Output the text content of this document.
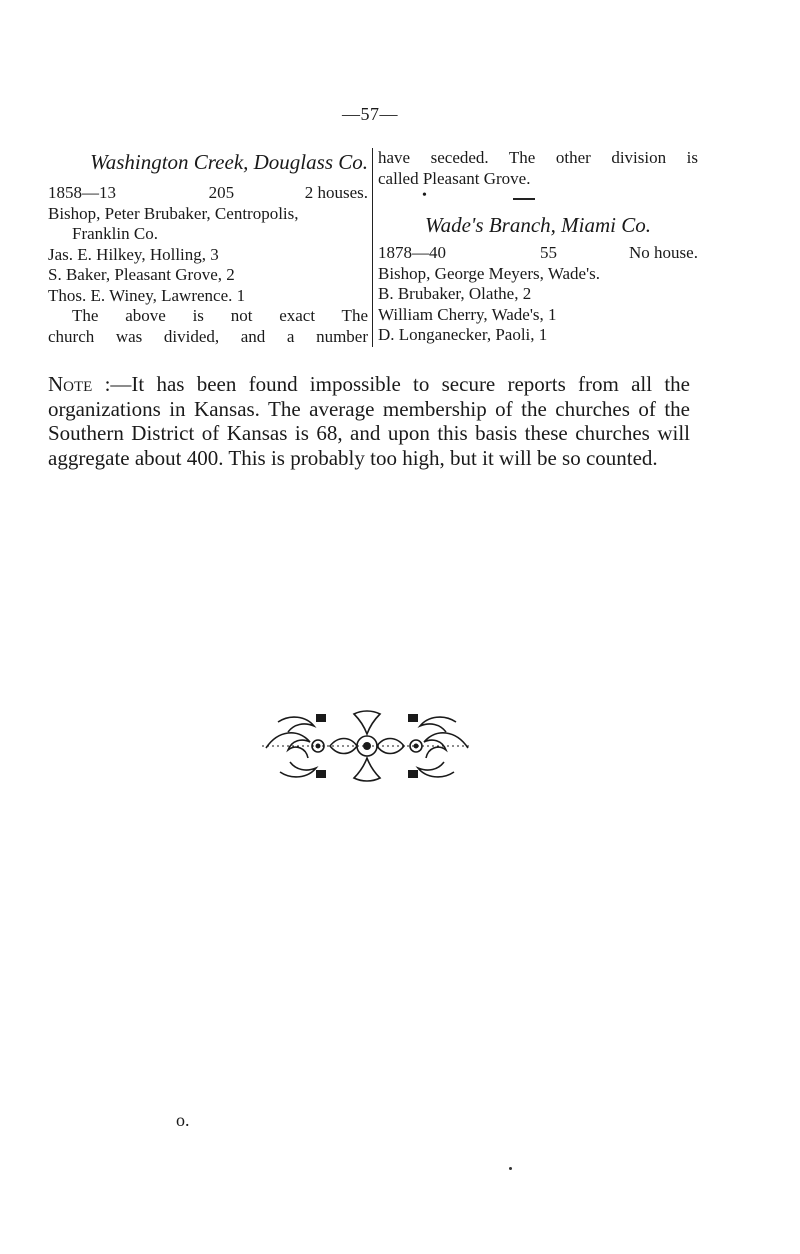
—57—
Washington Creek, Douglass Co.
1858—13	205	2 houses.
Bishop, Peter Brubaker, Centropolis,
Franklin Co.
Jas. E. Hilkey, Holling, 3
S. Baker, Pleasant Grove, 2
Thos. E. Winey, Lawrence. 1
The above is not exact The
church was divided, and a number
have seceded. The other division is
called Pleasant Grove.
•
Wade's Branch, Miami Co.
1878—40	55	No house.
Bishop, George Meyers, Wade's.
B. Brubaker, Olathe, 2
William Cherry, Wade's, 1
D. Longanecker, Paoli, 1
Note :—It has been found impossible to secure reports from all the organizations in Kansas. The average membership of the churches of the Southern District of Kansas is 68, and upon this basis these churches will aggregate about 400. This is probably too high, but it will be so counted.
o.
